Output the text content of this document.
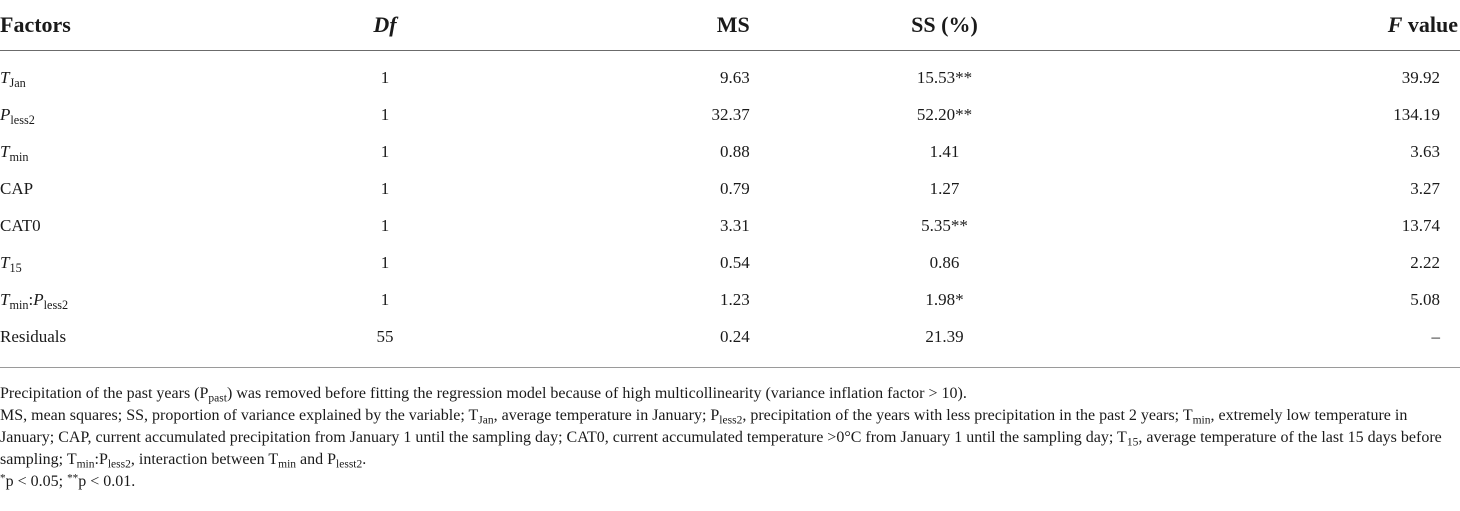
Factors	Df	MS	SS (%)	F value
$T_{Jan}$	1	9.63	15.53**	39.92
$P_{less2}$	1	32.37	52.20**	134.19
$T_{min}$	1	0.88	1.41	3.63
CAP	1	0.79	1.27	3.27
CAT0	1	3.31	5.35**	13.74
$T_{15}$	1	0.54	0.86	2.22
$T_{min}:P_{less2}$	1	1.23	1.98*	5.08
Residuals	55	0.24	21.39	–

Precipitation of the past years $(P_{past})$ was removed before fitting the regression model because of high multicollinearity (variance inflation factor > 10).

MS, mean squares; SS, proportion of variance explained by the variable; $T_{Jan}$, average temperature in January; $P_{less2}$, precipitation of the years with less precipitation in the past 2 years; $T_{min}$, extremely low temperature in January; CAP, current accumulated precipitation from January 1 until the sampling day; CAT0, current accumulated temperature >0°C from January 1 until the sampling day; $T_{15}$, average temperature of the last 15 days before sampling; $T_{min}:P_{less2}$, interaction between $T_{min}$ and $P_{lesst2}$.

*p < 0.05; **p < 0.01.
